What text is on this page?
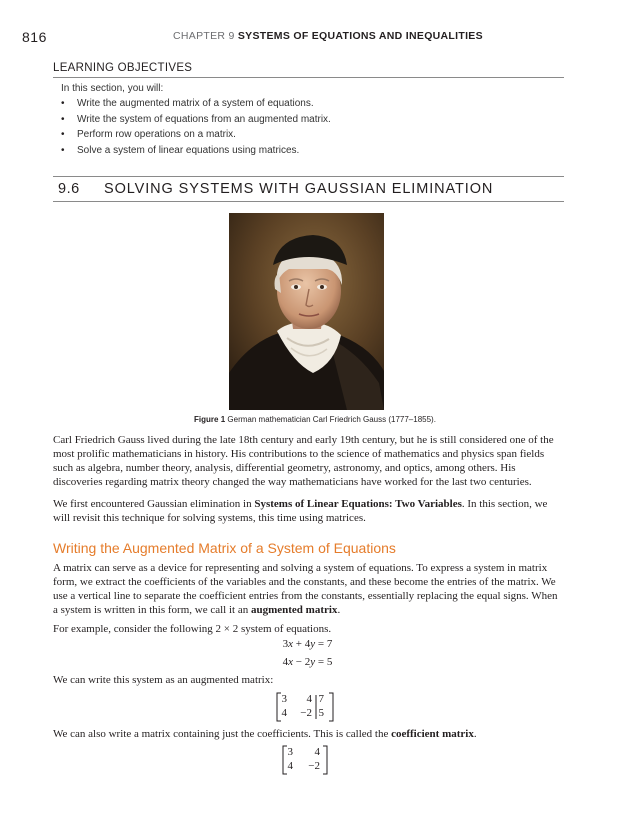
816	CHAPTER 9 SYSTEMS OF EQUATIONS AND INEQUALITIES
LEARNING OBJECTIVES
In this section, you will:
• Write the augmented matrix of a system of equations.
• Write the system of equations from an augmented matrix.
• Perform row operations on a matrix.
• Solve a system of linear equations using matrices.
9.6 SOLVING SYSTEMS WITH GAUSSIAN ELIMINATION
Figure 1 German mathematician Carl Friedrich Gauss (1777–1855).

Carl Friedrich Gauss lived during the late 18th century and early 19th century, but he is still considered one of the most prolific mathematicians in history. His contributions to the science of mathematics and physics span fields such as algebra, number theory, analysis, differential geometry, astronomy, and optics, among others. His discoveries regarding matrix theory changed the way mathematicians have worked for the last two centuries.

We first encountered Gaussian elimination in Systems of Linear Equations: Two Variables. In this section, we will revisit this technique for solving systems, this time using matrices.

Writing the Augmented Matrix of a System of Equations

A matrix can serve as a device for representing and solving a system of equations. To express a system in matrix form, we extract the coefficients of the variables and the constants, and these become the entries of the matrix. We use a vertical line to separate the coefficient entries from the constants, essentially replacing the equal signs. When a system is written in this form, we call it an augmented matrix.

For example, consider the following 2 × 2 system of equations.

3x + 4y = 7
4x − 2y = 5

We can write this system as an augmented matrix:

3	4 7
4	−2 5

We can also write a matrix containing just the coefficients. This is called the coefficient matrix.

3	4
4	−2
